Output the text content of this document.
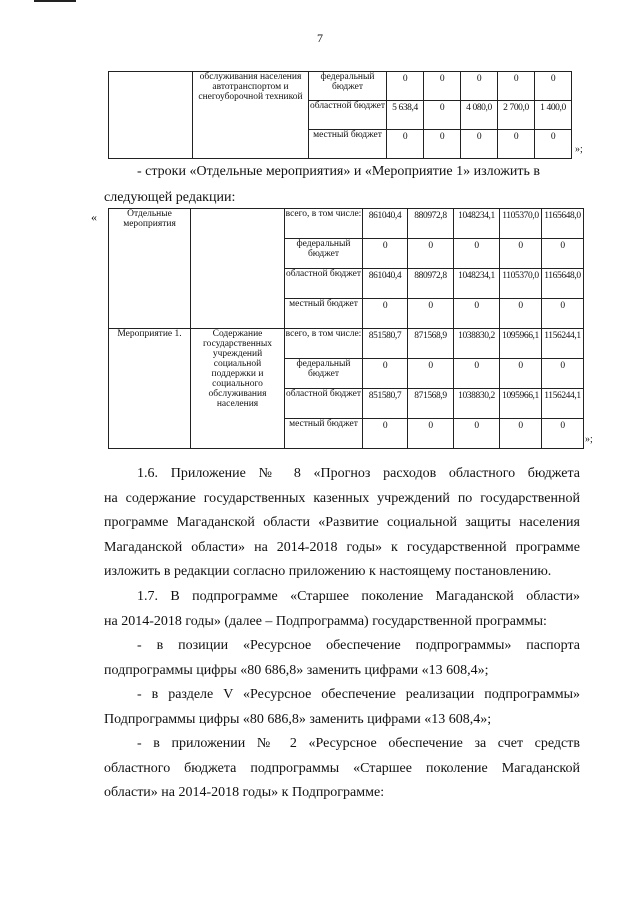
7
	обслуживания населения автотранспортом и снегоуборочной техникой	федеральный бюджет	0	0	0	0	0
		областной бюджет	5 638,4	0	4 080,0	2 700,0	1 400,0
		местный бюджет	0	0	0	0	0
»;
- строки «Отдельные мероприятия» и «Мероприятие 1» изложить в
следующей редакции:
«	Отдельные мероприятия		всего, в том числе:	861040,4	880972,8	1048234,1	1105370,0	1165648,0
		федеральный бюджет	0	0	0	0	0
		областной бюджет	861040,4	880972,8	1048234,1	1105370,0	1165648,0
		местный бюджет	0	0	0	0	0
Мероприятие 1.	Содержание государственных учреждений социальной поддержки и социального обслуживания населения	всего, в том числе:	851580,7	871568,9	1038830,2	1095966,1	1156244,1
		федеральный бюджет	0	0	0	0	0
		областной бюджет	851580,7	871568,9	1038830,2	1095966,1	1156244,1
		местный бюджет	0	0	0	0	0
»;
1.6. Приложение № 8 «Прогноз расходов областного бюджета
на содержание государственных казенных учреждений по государственной
программе Магаданской области «Развитие социальной защиты населения
Магаданской области» на 2014-2018 годы» к государственной программе
изложить в редакции согласно приложению к настоящему постановлению.
1.7. В подпрограмме «Старшее поколение Магаданской области»
на 2014-2018 годы» (далее – Подпрограмма) государственной программы:
- в позиции «Ресурсное обеспечение подпрограммы» паспорта
подпрограммы цифры «80 686,8» заменить цифрами «13 608,4»;
- в разделе V «Ресурсное обеспечение реализации подпрограммы»
Подпрограммы цифры «80 686,8» заменить цифрами «13 608,4»;
- в приложении № 2 «Ресурсное обеспечение за счет средств
областного бюджета подпрограммы «Старшее поколение Магаданской
области» на 2014-2018 годы» к Подпрограмме:
